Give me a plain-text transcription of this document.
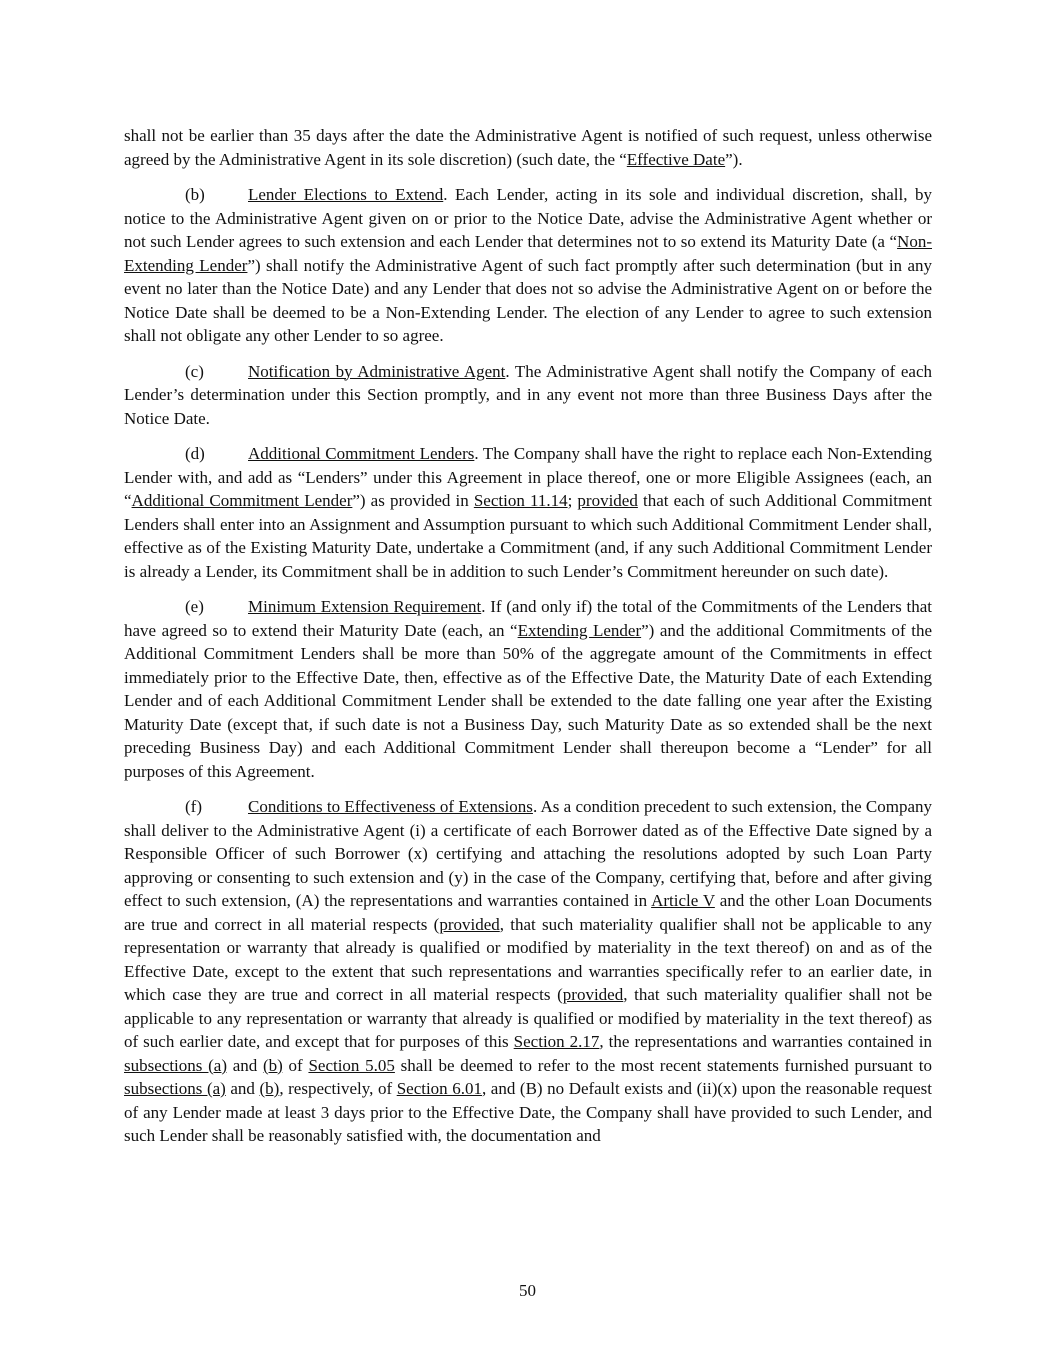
shall not be earlier than 35 days after the date the Administrative Agent is notified of such request, unless otherwise agreed by the Administrative Agent in its sole discretion) (such date, the “Effective Date”).

(b)	Lender Elections to Extend. Each Lender, acting in its sole and individual discretion, shall, by notice to the Administrative Agent given on or prior to the Notice Date, advise the Administrative Agent whether or not such Lender agrees to such extension and each Lender that determines not to so extend its Maturity Date (a “Non-Extending Lender”) shall notify the Administrative Agent of such fact promptly after such determination (but in any event no later than the Notice Date) and any Lender that does not so advise the Administrative Agent on or before the Notice Date shall be deemed to be a Non-Extending Lender. The election of any Lender to agree to such extension shall not obligate any other Lender to so agree.

(c)	Notification by Administrative Agent. The Administrative Agent shall notify the Company of each Lender’s determination under this Section promptly, and in any event not more than three Business Days after the Notice Date.

(d)	Additional Commitment Lenders. The Company shall have the right to replace each Non-Extending Lender with, and add as “Lenders” under this Agreement in place thereof, one or more Eligible Assignees (each, an “Additional Commitment Lender”) as provided in Section 11.14; provided that each of such Additional Commitment Lenders shall enter into an Assignment and Assumption pursuant to which such Additional Commitment Lender shall, effective as of the Existing Maturity Date, undertake a Commitment (and, if any such Additional Commitment Lender is already a Lender, its Commitment shall be in addition to such Lender’s Commitment hereunder on such date).

(e)	Minimum Extension Requirement. If (and only if) the total of the Commitments of the Lenders that have agreed so to extend their Maturity Date (each, an “Extending Lender”) and the additional Commitments of the Additional Commitment Lenders shall be more than 50% of the aggregate amount of the Commitments in effect immediately prior to the Effective Date, then, effective as of the Effective Date, the Maturity Date of each Extending Lender and of each Additional Commitment Lender shall be extended to the date falling one year after the Existing Maturity Date (except that, if such date is not a Business Day, such Maturity Date as so extended shall be the next preceding Business Day) and each Additional Commitment Lender shall thereupon become a “Lender” for all purposes of this Agreement.

(f)	Conditions to Effectiveness of Extensions. As a condition precedent to such extension, the Company shall deliver to the Administrative Agent (i) a certificate of each Borrower dated as of the Effective Date signed by a Responsible Officer of such Borrower (x) certifying and attaching the resolutions adopted by such Loan Party approving or consenting to such extension and (y) in the case of the Company, certifying that, before and after giving effect to such extension, (A) the representations and warranties contained in Article V and the other Loan Documents are true and correct in all material respects (provided, that such materiality qualifier shall not be applicable to any representation or warranty that already is qualified or modified by materiality in the text thereof) on and as of the Effective Date, except to the extent that such representations and warranties specifically refer to an earlier date, in which case they are true and correct in all material respects (provided, that such materiality qualifier shall not be applicable to any representation or warranty that already is qualified or modified by materiality in the text thereof) as of such earlier date, and except that for purposes of this Section 2.17, the representations and warranties contained in subsections (a) and (b) of Section 5.05 shall be deemed to refer to the most recent statements furnished pursuant to subsections (a) and (b), respectively, of Section 6.01, and (B) no Default exists and (ii)(x) upon the reasonable request of any Lender made at least 3 days prior to the Effective Date, the Company shall have provided to such Lender, and such Lender shall be reasonably satisfied with, the documentation and

50
